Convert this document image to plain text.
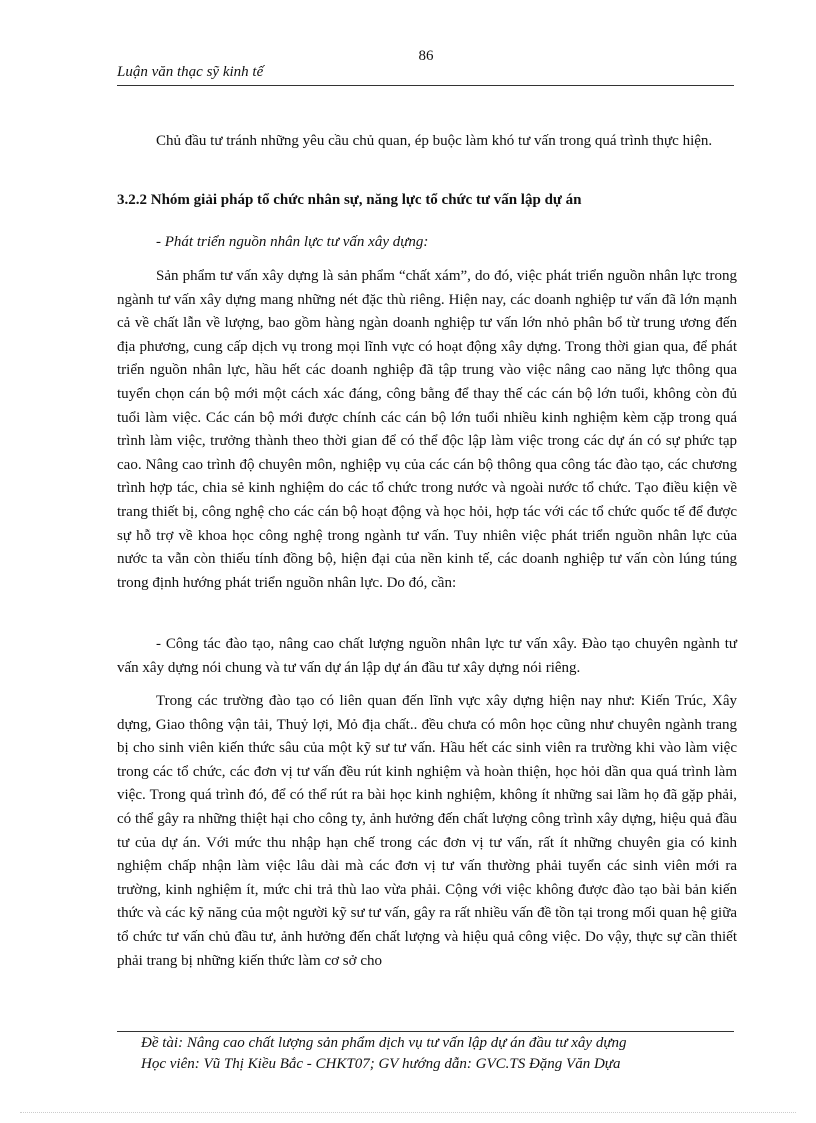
86
Luận văn thạc sỹ kinh tế

Chủ đầu tư tránh những yêu cầu chủ quan, ép buộc làm khó tư vấn trong quá trình thực hiện.

3.2.2 Nhóm giải pháp tổ chức nhân sự, năng lực tổ chức tư vấn lập dự án

- Phát triển nguồn nhân lực tư vấn xây dựng:

Sản phẩm tư vấn xây dựng là sản phẩm “chất xám”, do đó, việc phát triển nguồn nhân lực trong ngành tư vấn xây dựng mang những nét đặc thù riêng. Hiện nay, các doanh nghiệp tư vấn đã lớn mạnh cả về chất lẫn về lượng, bao gồm hàng ngàn doanh nghiệp tư vấn lớn nhỏ phân bổ từ trung ương đến địa phương, cung cấp dịch vụ trong mọi lĩnh vực có hoạt động xây dựng. Trong thời gian qua, để phát triển nguồn nhân lực, hầu hết các doanh nghiệp đã tập trung vào việc nâng cao năng lực thông qua tuyển chọn cán bộ mới một cách xác đáng, công bằng để thay thế các cán bộ lớn tuổi, không còn đủ tuổi làm việc. Các cán bộ mới được chính các cán bộ lớn tuổi nhiều kinh nghiệm kèm cặp trong quá trình làm việc, trưởng thành theo thời gian để có thể độc lập làm việc trong các dự án có sự phức tạp cao. Nâng cao trình độ chuyên môn, nghiệp vụ của các cán bộ thông qua công tác đào tạo, các chương trình hợp tác, chia sẻ kinh nghiệm do các tổ chức trong nước và ngoài nước tổ chức. Tạo điều kiện về trang thiết bị, công nghệ cho các cán bộ hoạt động và học hỏi, hợp tác với các tổ chức quốc tế để được sự hỗ trợ về khoa học công nghệ trong ngành tư vấn. Tuy nhiên việc phát triển nguồn nhân lực của nước ta vẫn còn thiếu tính đồng bộ, hiện đại của nền kinh tế, các doanh nghiệp tư vấn còn lúng túng trong định hướng phát triển nguồn nhân lực. Do đó, cần:

- Công tác đào tạo, nâng cao chất lượng nguồn nhân lực tư vấn xây. Đào tạo chuyên ngành tư vấn xây dựng nói chung và tư vấn dự án lập dự án đầu tư xây dựng nói riêng.

Trong các trường đào tạo có liên quan đến lĩnh vực xây dựng hiện nay như: Kiến Trúc, Xây dựng, Giao thông vận tải, Thuỷ lợi, Mỏ địa chất.. đều chưa có môn học cũng như chuyên ngành trang bị cho sinh viên kiến thức sâu của một kỹ sư tư vấn. Hầu hết các sinh viên ra trường khi vào làm việc trong các tổ chức, các đơn vị tư vấn đều rút kinh nghiệm và hoàn thiện, học hỏi dần qua quá trình làm việc. Trong quá trình đó, để có thể rút ra bài học kinh nghiệm, không ít những sai lầm họ đã gặp phải, có thể gây ra những thiệt hại cho công ty, ảnh hưởng đến chất lượng công trình xây dựng, hiệu quả đầu tư của dự án. Với mức thu nhập hạn chế trong các đơn vị tư vấn, rất ít những chuyên gia có kinh nghiệm chấp nhận làm việc lâu dài mà các đơn vị tư vấn thường phải tuyển các sinh viên mới ra trường, kinh nghiệm ít, mức chi trả thù lao vừa phải. Cộng với việc không được đào tạo bài bản kiến thức và các kỹ năng của một người kỹ sư tư vấn, gây ra rất nhiều vấn đề tồn tại trong mối quan hệ giữa tổ chức tư vấn chủ đầu tư, ảnh hưởng đến chất lượng và hiệu quả công việc. Do vậy, thực sự cần thiết phải trang bị những kiến thức làm cơ sở cho

Đề tài: Nâng cao chất lượng sản phẩm dịch vụ tư vấn lập dự án đầu tư xây dựng
Học viên: Vũ Thị Kiều Bắc - CHKT07; GV hướng dẫn: GVC.TS Đặng Văn Dựa
